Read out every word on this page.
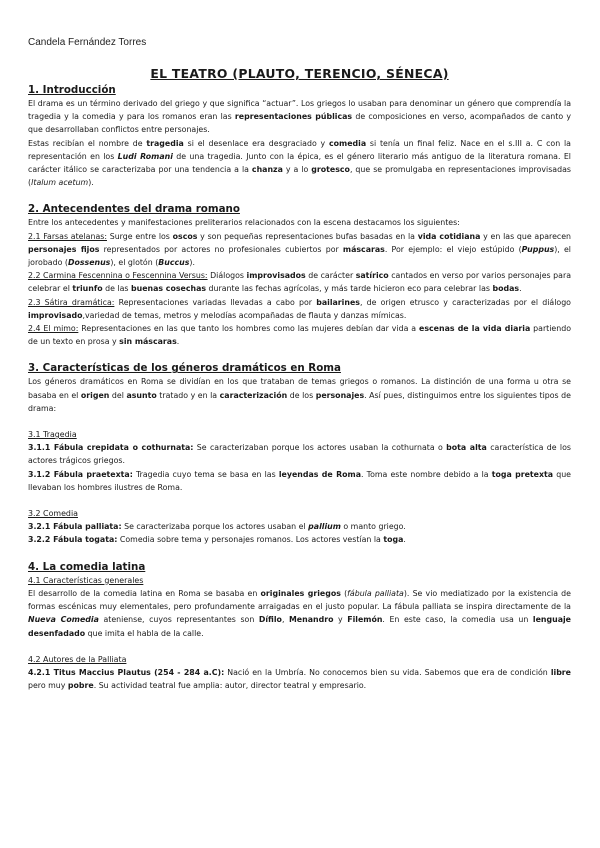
Candela Fernández Torres
EL TEATRO (PLAUTO, TERENCIO, SÉNECA)
1. Introducción

El drama es un término derivado del griego y que significa “actuar”. Los griegos lo usaban para denominar un género que comprendía la tragedia y la comedia y para los romanos eran las representaciones públicas de composiciones en verso, acompañados de canto y que desarrollaban conflictos entre personajes.

Estas recibían el nombre de tragedia si el desenlace era desgraciado y comedia si tenía un final feliz. Nace en el s.III a. C con la representación en los Ludi Romani de una tragedia. Junto con la épica, es el género literario más antiguo de la literatura romana. El carácter itálico se caracterizaba por una tendencia a la chanza y a lo grotesco, que se promulgaba en representaciones improvisadas (Italum acetum).

2. Antecendentes del drama romano

Entre los antecedentes y manifestaciones preliterarios relacionados con la escena destacamos los siguientes:

2.1 Farsas atelanas: Surge entre los oscos y son pequeñas representaciones bufas basadas en la vida cotidiana y en las que aparecen personajes fijos representados por actores no profesionales cubiertos por máscaras. Por ejemplo: el viejo estúpido (Puppus), el jorobado (Dossenus), el glotón (Buccus).

2.2 Carmina Fescennina o Fescennina Versus: Diálogos improvisados de carácter satírico cantados en verso por varios personajes para celebrar el triunfo de las buenas cosechas durante las fechas agrícolas, y más tarde hicieron eco para celebrar las bodas.

2.3 Sátira dramática: Representaciones variadas llevadas a cabo por bailarines, de origen etrusco y caracterizadas por el diálogo improvisado,variedad de temas, metros y melodías acompañadas de flauta y danzas mímicas.

2.4 El mimo: Representaciones en las que tanto los hombres como las mujeres debían dar vida a escenas de la vida diaria partiendo de un texto en prosa y sin máscaras.

3. Características de los géneros dramáticos en Roma

Los géneros dramáticos en Roma se dividían en los que trataban de temas griegos o romanos. La distinción de una forma u otra se basaba en el origen del asunto tratado y en la caracterización de los personajes. Así pues, distinguimos entre los siguientes tipos de drama:

3.1 Tragedia

3.1.1 Fábula crepidata o cothurnata: Se caracterizaban porque los actores usaban la cothurnata o bota alta característica de los actores trágicos griegos.

3.1.2 Fábula praetexta: Tragedia cuyo tema se basa en las leyendas de Roma. Toma este nombre debido a la toga pretexta que llevaban los hombres ilustres de Roma.

3.2 Comedia

3.2.1 Fábula palliata: Se caracterizaba porque los actores usaban el pallium o manto griego.

3.2.2 Fábula togata: Comedia sobre tema y personajes romanos. Los actores vestían la toga.

4. La comedia latina
4.1 Características generales

El desarrollo de la comedia latina en Roma se basaba en originales griegos (fábula palliata). Se vio mediatizado por la existencia de formas escénicas muy elementales, pero profundamente arraigadas en el justo popular. La fábula palliata se inspira directamente de la Nueva Comedia ateniense, cuyos representantes son Dífilo, Menandro y Filemón. En este caso, la comedia usa un lenguaje desenfadado que imita el habla de la calle.

4.2 Autores de la Palliata

4.2.1 Titus Maccius Plautus (254 - 284 a.C): Nació en la Umbría. No conocemos bien su vida. Sabemos que era de condición libre pero muy pobre. Su actividad teatral fue amplia: autor, director teatral y empresario.
